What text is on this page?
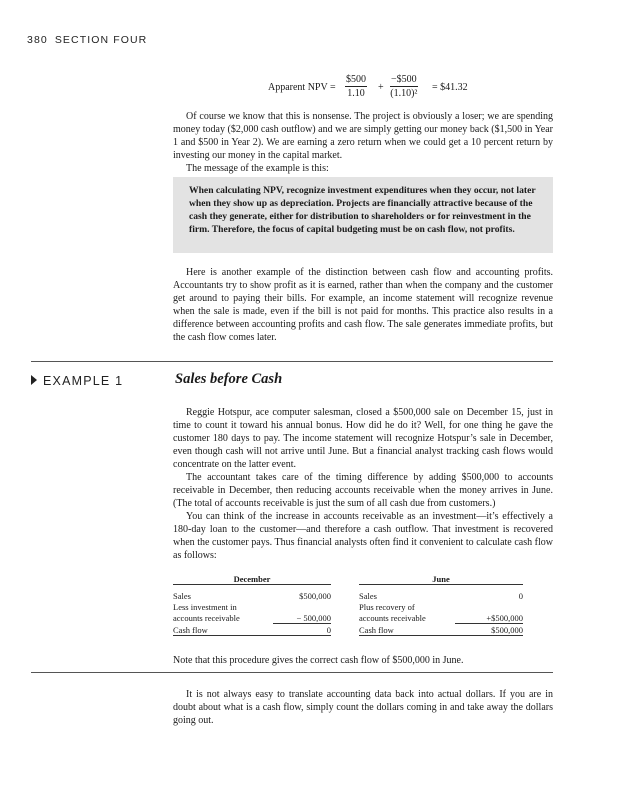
380 SECTION FOUR
Apparent NPV = $\frac{\$500}{1.10} + \frac{-\$500}{\text{(1.10)²}}$ = $41.32

Of course we know that this is nonsense. The project is obviously a loser; we are spending money today ($2,000 cash outflow) and we are simply getting our money back ($1,500 in Year 1 and $500 in Year 2). We are earning a zero return when we could get a 10 percent return by investing our money in the capital market.

The message of the example is this:

When calculating NPV, recognize investment expenditures when they occur, not later when they show up as depreciation. Projects are financially attractive because of the cash they generate, either for distribution to shareholders or for reinvestment in the firm. Therefore, the focus of capital budgeting must be on cash flow, not profits.

Here is another example of the distinction between cash flow and accounting profits. Accountants try to show profit as it is earned, rather than when the company and the customer get around to paying their bills. For example, an income statement will recognize revenue when the sale is made, even if the bill is not paid for months. This practice also results in a difference between accounting profits and cash flow. The sale generates immediate profits, but the cash flow comes later.

EXAMPLE 1	Sales before Cash

Reggie Hotspur, ace computer salesman, closed a $500,000 sale on December 15, just in time to count it toward his annual bonus. How did he do it? Well, for one thing he gave the customer 180 days to pay. The income statement will recognize Hotspur’s sale in December, even though cash will not arrive until June. But a financial analyst tracking cash flows would concentrate on the latter event.

The accountant takes care of the timing difference by adding $500,000 to accounts receivable in December, then reducing accounts receivable when the money arrives in June. (The total of accounts receivable is just the sum of all cash due from customers.)

You can think of the increase in accounts receivable as an investment—it’s effectively a 180-day loan to the customer—and therefore a cash outflow. That investment is recovered when the customer pays. Thus financial analysts often find it convenient to calculate cash flow as follows:

December			June	
Sales	$500,000		Sales	0
Less investment in			Plus recovery of	
accounts receivable	− 500,000		accounts receivable	+$500,000
Cash flow	0		Cash flow	$500,000

Note that this procedure gives the correct cash flow of $500,000 in June.

It is not always easy to translate accounting data back into actual dollars. If you are in doubt about what is a cash flow, simply count the dollars coming in and take away the dollars going out.
